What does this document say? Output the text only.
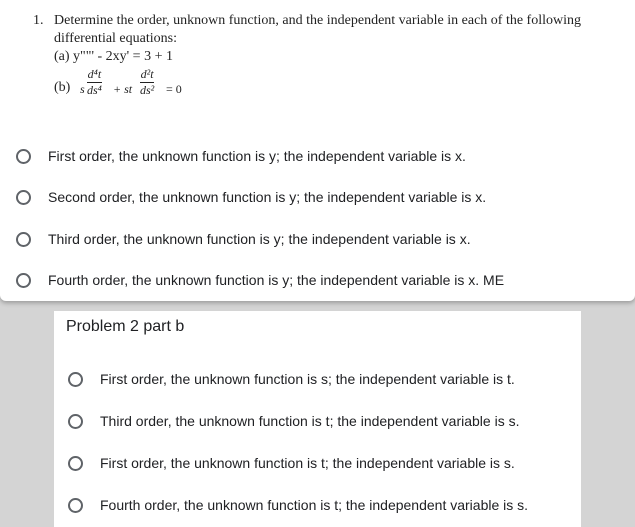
1. Determine the order, unknown function, and the independent variable in each of the following
differential equations:
(a) y""' - 2xy' = 3 + 1
(b) s
d⁴t
ds⁴ + st
d²t
ds² = 0
First order, the unknown function is y; the independent variable is x.
Second order, the unknown function is y; the independent variable is x.
Third order, the unknown function is y; the independent variable is x.
Fourth order, the unknown function is y; the independent variable is x. ME
Problem 2 part b
First order, the unknown function is s; the independent variable is t.
Third order, the unknown function is t; the independent variable is s.
First order, the unknown function is t; the independent variable is s.
Fourth order, the unknown function is t; the independent variable is s.
